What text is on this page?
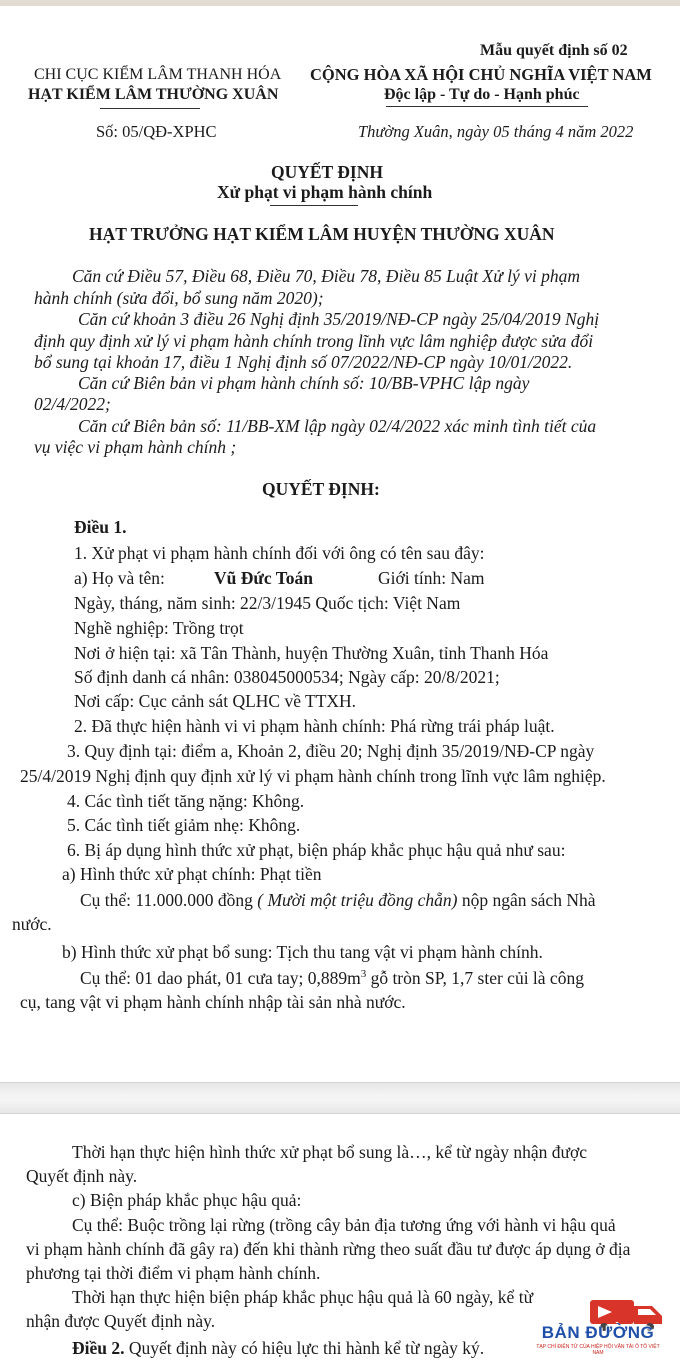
Mẫu quyết định số 02
CHI CỤC KIỂM LÂM THANH HÓA
HẠT KIỂM LÂM THƯỜNG XUÂN
CỘNG HÒA XÃ HỘI CHỦ NGHĨA VIỆT NAM
Độc lập - Tự do - Hạnh phúc
Số: 05/QĐ-XPHC	Thường Xuân, ngày 05 tháng 4 năm 2022
QUYẾT ĐỊNH
Xử phạt vi phạm hành chính
HẠT TRƯỞNG HẠT KIỂM LÂM HUYỆN THƯỜNG XUÂN
Căn cứ Điều 57, Điều 68, Điều 70, Điều 78, Điều 85 Luật Xử lý vi phạm
hành chính (sửa đổi, bổ sung năm 2020);
Căn cứ khoản 3 điều 26 Nghị định 35/2019/NĐ-CP ngày 25/04/2019 Nghị
định quy định xử lý vi phạm hành chính trong lĩnh vực lâm nghiệp được sửa đổi
bổ sung tại khoản 17, điều 1 Nghị định số 07/2022/NĐ-CP ngày 10/01/2022.
Căn cứ Biên bản vi phạm hành chính số: 10/BB-VPHC lập ngày
02/4/2022;
Căn cứ Biên bản số: 11/BB-XM lập ngày 02/4/2022 xác minh tình tiết của
vụ việc vi phạm hành chính ;
QUYẾT ĐỊNH:
Điều 1.
1. Xử phạt vi phạm hành chính đối với ông có tên sau đây:
a) Họ và tên:	Vũ Đức Toán	Giới tính: Nam
Ngày, tháng, năm sinh: 22/3/1945 Quốc tịch: Việt Nam
Nghề nghiệp: Trồng trọt
Nơi ở hiện tại: xã Tân Thành, huyện Thường Xuân, tỉnh Thanh Hóa
Số định danh cá nhân: 038045000534; Ngày cấp: 20/8/2021;
Nơi cấp: Cục cảnh sát QLHC về TTXH.
2. Đã thực hiện hành vi vi phạm hành chính: Phá rừng trái pháp luật.
3. Quy định tại: điểm a, Khoản 2, điều 20; Nghị định 35/2019/NĐ-CP ngày
25/4/2019 Nghị định quy định xử lý vi phạm hành chính trong lĩnh vực lâm nghiệp.
4. Các tình tiết tăng nặng: Không.
5. Các tình tiết giảm nhẹ: Không.
6. Bị áp dụng hình thức xử phạt, biện pháp khắc phục hậu quả như sau:
a) Hình thức xử phạt chính: Phạt tiền
Cụ thể: 11.000.000 đồng ( Mười một triệu đồng chẵn) nộp ngân sách Nhà
nước.
b) Hình thức xử phạt bổ sung: Tịch thu tang vật vi phạm hành chính.
Cụ thể: 01 dao phát, 01 cưa tay; $0,889m^3$ gỗ tròn SP, 1,7 ster củi là công
cụ, tang vật vi phạm hành chính nhập tài sản nhà nước.
Thời hạn thực hiện hình thức xử phạt bổ sung là…, kể từ ngày nhận được
Quyết định này.
c) Biện pháp khắc phục hậu quả:
Cụ thể: Buộc trồng lại rừng (trồng cây bản địa tương ứng với hành vi hậu quả
vi phạm hành chính đã gây ra) đến khi thành rừng theo suất đầu tư được áp dụng ở địa
phương tại thời điểm vi phạm hành chính.
Thời hạn thực hiện biện pháp khắc phục hậu quả là 60 ngày, kể từ
nhận được Quyết định này.
Điều 2. Quyết định này có hiệu lực thi hành kể từ ngày ký.
BẢN ĐƯỜNG
TẠP CHÍ ĐIỆN TỬ CỦA HIỆP HỘI VẬN TẢI Ô TÔ VIỆT NAM
